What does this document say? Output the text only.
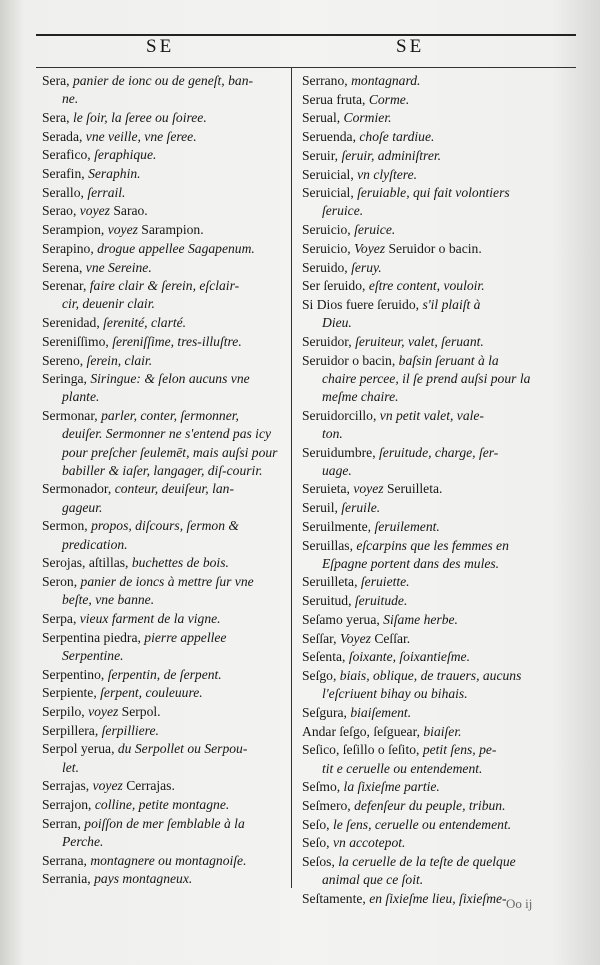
SE	SE
Sera, panier de ionc ou de geneſt, ban-
ne.
Sera, le ſoir, la ſeree ou ſoiree.
Serada, vne veille, vne ſeree.
Serafico, ſeraphique.
Serafin, Seraphin.
Serallo, ſerrail.
Serao, voyez Sarao.
Serampion, voyez Sarampion.
Serapino, drogue appellee Sagapenum.
Serena, vne Sereine.
Serenar, faire clair & ſerein, eſclair-
cir, deuenir clair.
Serenidad, ſerenité, clarté.
Sereniſſimo, ſereniſſime, tres-illuſtre.
Sereno, ſerein, clair.
Seringa, Siringue: & ſelon aucuns vne
plante.
Sermonar, parler, conter, ſermonner,
deuiſer. Sermonner ne s'entend pas icy pour preſcher ſeulemēt, mais auſsi pour babiller & iaſer, langager, diſ-courir.
Sermonador, conteur, deuiſeur, lan-
gageur.
Sermon, propos, diſcours, ſermon &
predication.
Serojas, aſtillas, buchettes de bois.
Seron, panier de ioncs à mettre ſur vne
beſte, vne banne.
Serpa, vieux farment de la vigne.
Serpentina piedra, pierre appellee
Serpentine.
Serpentino, ſerpentin, de ſerpent.
Serpiente, ſerpent, couleuure.
Serpilo, voyez Serpol.
Serpillera, ſerpilliere.
Serpol yerua, du Serpollet ou Serpou-
let.
Serrajas, voyez Cerrajas.
Serrajon, colline, petite montagne.
Serran, poiſſon de mer ſemblable à la
Perche.
Serrana, montagnere ou montagnoiſe.
Serrania, pays montagneux.
Serrano, montagnard.
Serua fruta, Corme.
Serual, Cormier.
Seruenda, choſe tardiue.
Seruir, ſeruir, adminiſtrer.
Seruicial, vn clyſtere.
Seruicial, ſeruiable, qui fait volontiers
ſeruice.
Seruicio, ſeruice.
Seruicio, Voyez Seruidor o bacin.
Seruido, ſeruy.
Ser ſeruido, eſtre content, vouloir.
Si Dios fuere ſeruido, s'il plaiſt à
Dieu.
Seruidor, ſeruiteur, valet, ſeruant.
Seruidor o bacin, baſsin ſeruant à la
chaire percee, il ſe prend auſsi pour la meſme chaire.
Seruidorcillo, vn petit valet, vale-
ton.
Seruidumbre, ſeruitude, charge, ſer-
uage.
Seruieta, voyez Seruilleta.
Seruil, ſeruile.
Seruilmente, ſeruilement.
Seruillas, eſcarpins que les femmes en
Eſpagne portent dans des mules.
Seruilleta, ſeruiette.
Seruitud, ſeruitude.
Seſamo yerua, Siſame herbe.
Seſſar, Voyez Ceſſar.
Seſenta, ſoixante, ſoixantieſme.
Seſgo, biais, oblique, de trauers, aucuns
l'eſcriuent bihay ou bihais.
Seſgura, biaiſement.
Andar ſeſgo, ſeſguear, biaiſer.
Seſico, ſeſillo o ſeſito, petit ſens, pe-
tit e ceruelle ou entendement.
Seſmo, la ſixieſme partie.
Seſmero, defenſeur du peuple, tribun.
Seſo, le ſens, ceruelle ou entendement.
Seſo, vn accotepot.
Seſos, la ceruelle de la teſte de quelque
animal que ce ſoit.
Seſtamente, en ſixieſme lieu, ſixieſme- Oo ij
